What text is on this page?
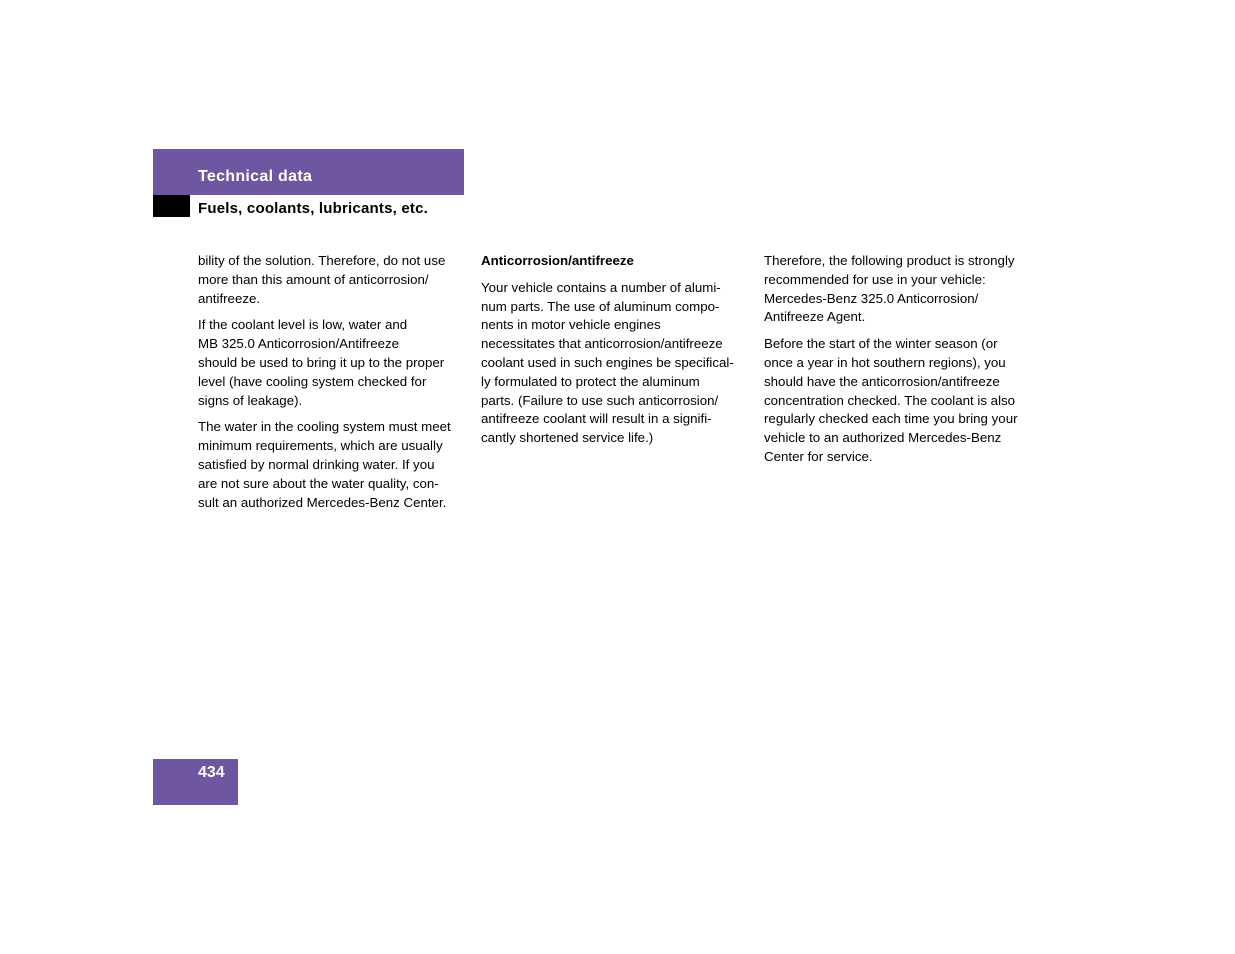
Technical data
Fuels, coolants, lubricants, etc.

bility of the solution. Therefore, do not use
more than this amount of anticorrosion/
antifreeze.

If the coolant level is low, water and
MB 325.0 Anticorrosion/Antifreeze
should be used to bring it up to the proper
level (have cooling system checked for
signs of leakage).

The water in the cooling system must meet
minimum requirements, which are usually
satisfied by normal drinking water. If you
are not sure about the water quality, con-
sult an authorized Mercedes-Benz Center.

Anticorrosion/antifreeze

Your vehicle contains a number of alumi-
num parts. The use of aluminum compo-
nents in motor vehicle engines
necessitates that anticorrosion/antifreeze
coolant used in such engines be specifical-
ly formulated to protect the aluminum
parts. (Failure to use such anticorrosion/
antifreeze coolant will result in a signifi-
cantly shortened service life.)

Therefore, the following product is strongly
recommended for use in your vehicle:
Mercedes-Benz 325.0 Anticorrosion/
Antifreeze Agent.

Before the start of the winter season (or
once a year in hot southern regions), you
should have the anticorrosion/antifreeze
concentration checked. The coolant is also
regularly checked each time you bring your
vehicle to an authorized Mercedes-Benz
Center for service.

434
